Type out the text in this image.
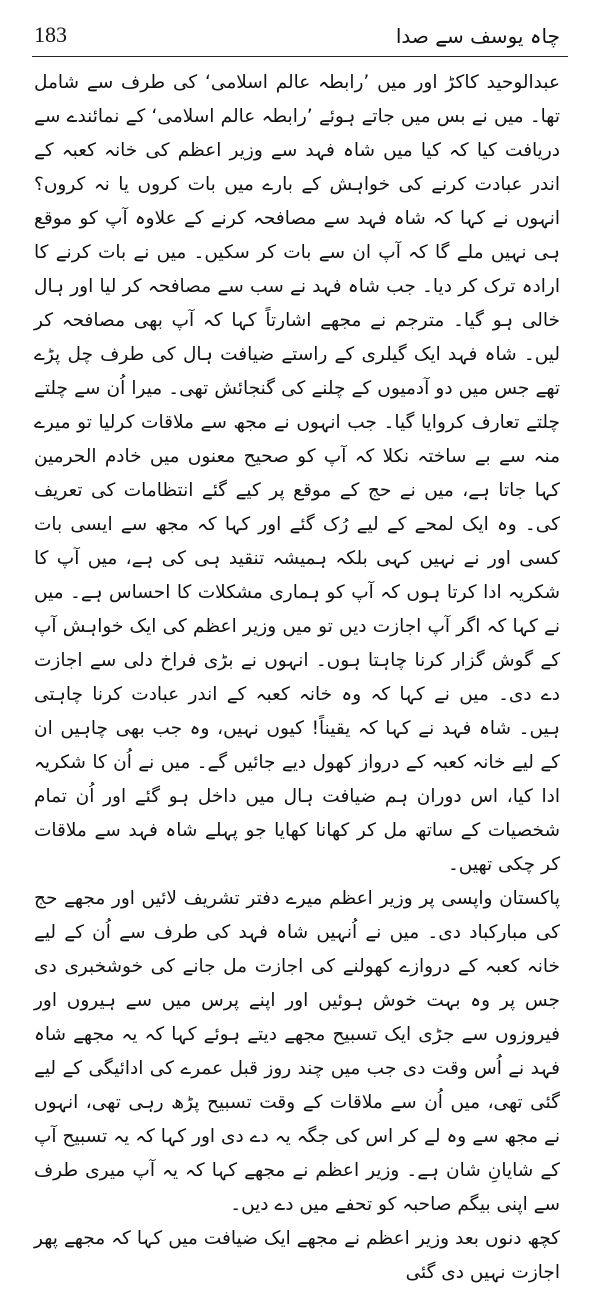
183	چاہ یوسف سے صدا

عبدالوحید کاکڑ اور میں ’رابطہ عالم اسلامی‘ کی طرف سے شامل تھا۔ میں نے بس میں جاتے ہوئے ’رابطہ عالم اسلامی‘ کے نمائندے سے دریافت کیا کہ کیا میں شاہ فہد سے وزیر اعظم کی خانہ کعبہ کے اندر عبادت کرنے کی خواہش کے بارے میں بات کروں یا نہ کروں؟ انہوں نے کہا کہ شاہ فہد سے مصافحہ کرنے کے علاوہ آپ کو موقع ہی نہیں ملے گا کہ آپ ان سے بات کر سکیں۔ میں نے بات کرنے کا ارادہ ترک کر دیا۔ جب شاہ فہد نے سب سے مصافحہ کر لیا اور ہال خالی ہو گیا۔ مترجم نے مجھے اشارتاً کہا کہ آپ بھی مصافحہ کر لیں۔ شاہ فہد ایک گیلری کے راستے ضیافت ہال کی طرف چل پڑے تھے جس میں دو آدمیوں کے چلنے کی گنجائش تھی۔ میرا اُن سے چلتے چلتے تعارف کروایا گیا۔ جب انہوں نے مجھ سے ملاقات کرلیا تو میرے منہ سے بے ساختہ نکلا کہ آپ کو صحیح معنوں میں خادم الحرمین کہا جاتا ہے، میں نے حج کے موقع پر کیے گئے انتظامات کی تعریف کی۔ وہ ایک لمحے کے لیے رُک گئے اور کہا کہ مجھ سے ایسی بات کسی اور نے نہیں کہی بلکہ ہمیشہ تنقید ہی کی ہے، میں آپ کا شکریہ ادا کرتا ہوں کہ آپ کو ہماری مشکلات کا احساس ہے۔ میں نے کہا کہ اگر آپ اجازت دیں تو میں وزیر اعظم کی ایک خواہش آپ کے گوش گزار کرنا چاہتا ہوں۔ انہوں نے بڑی فراخ دلی سے اجازت دے دی۔ میں نے کہا کہ وہ خانہ کعبہ کے اندر عبادت کرنا چاہتی ہیں۔ شاہ فہد نے کہا کہ یقیناً! کیوں نہیں، وہ جب بھی چاہیں ان کے لیے خانہ کعبہ کے درواز کھول دیے جائیں گے۔ میں نے اُن کا شکریہ ادا کیا، اس دوران ہم ضیافت ہال میں داخل ہو گئے اور اُن تمام شخصیات کے ساتھ مل کر کھانا کھایا جو پہلے شاہ فہد سے ملاقات کر چکی تھیں۔

پاکستان واپسی پر وزیر اعظم میرے دفتر تشریف لائیں اور مجھے حج کی مبارکباد دی۔ میں نے اُنہیں شاہ فہد کی طرف سے اُن کے لیے خانہ کعبہ کے دروازے کھولنے کی اجازت مل جانے کی خوشخبری دی جس پر وہ بہت خوش ہوئیں اور اپنے پرس میں سے ہیروں اور فیروزوں سے جڑی ایک تسبیح مجھے دیتے ہوئے کہا کہ یہ مجھے شاہ فہد نے اُس وقت دی جب میں چند روز قبل عمرے کی ادائیگی کے لیے گئی تھی، میں اُن سے ملاقات کے وقت تسبیح پڑھ رہی تھی، انہوں نے مجھ سے وہ لے کر اس کی جگہ یہ دے دی اور کہا کہ یہ تسبیح آپ کے شایانِ شان ہے۔ وزیر اعظم نے مجھے کہا کہ یہ آپ میری طرف سے اپنی بیگم صاحبہ کو تحفے میں دے دیں۔

کچھ دنوں بعد وزیر اعظم نے مجھے ایک ضیافت میں کہا کہ مجھے پھر اجازت نہیں دی گئی
